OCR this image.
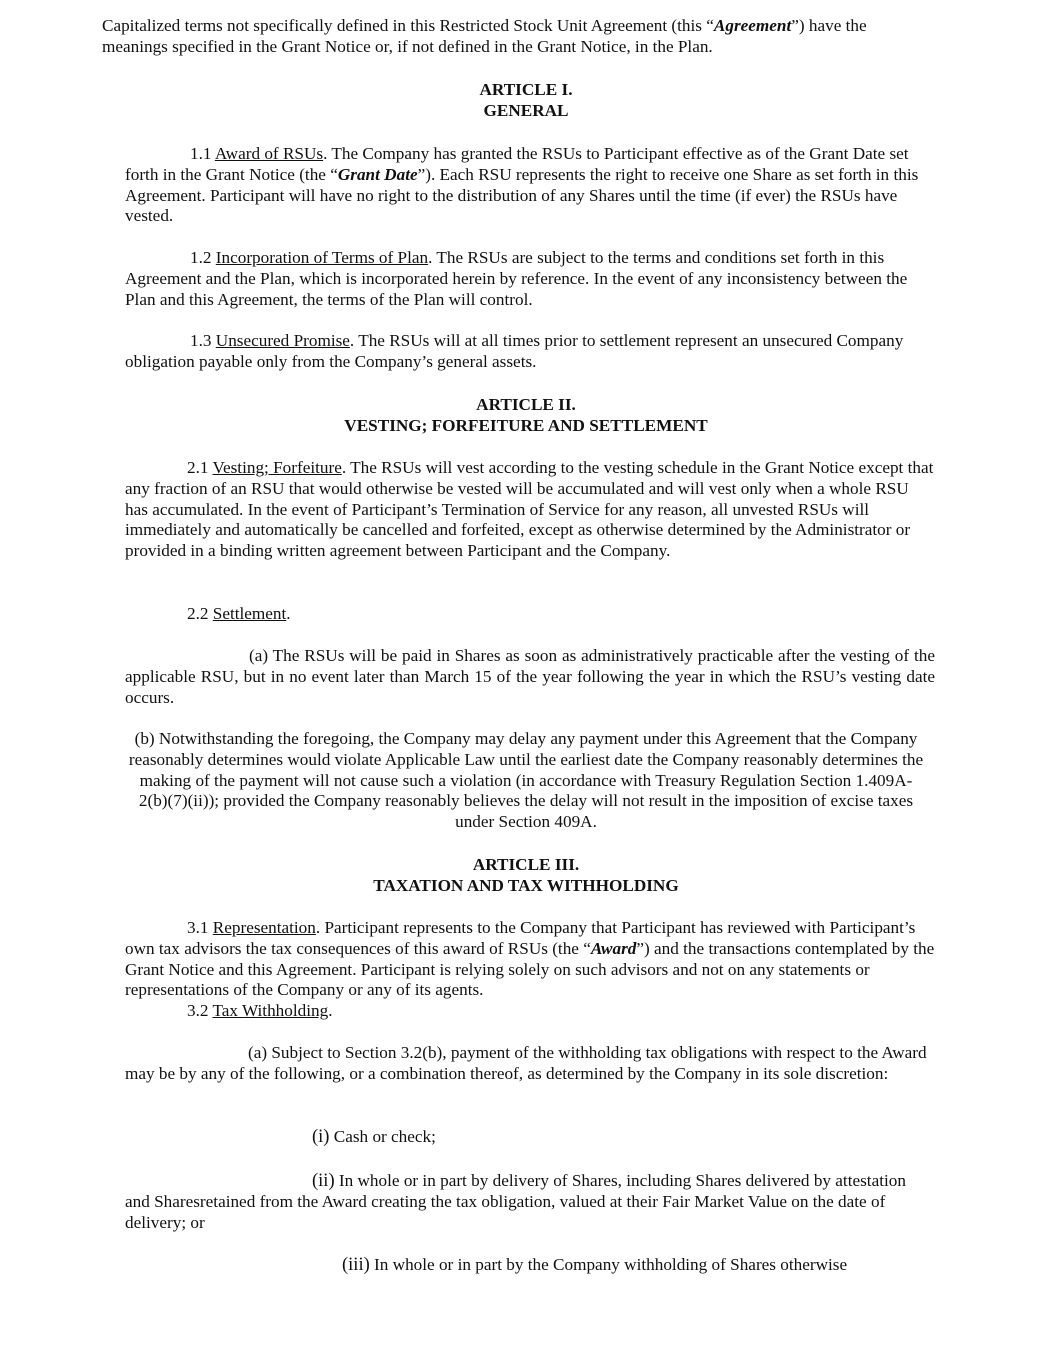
Capitalized terms not specifically defined in this Restricted Stock Unit Agreement (this “Agreement”) have the meanings specified in the Grant Notice or, if not defined in the Grant Notice, in the Plan.

ARTICLE I.
GENERAL

1.1 Award of RSUs. The Company has granted the RSUs to Participant effective as of the Grant Date set forth in the Grant Notice (the “Grant Date”). Each RSU represents the right to receive one Share as set forth in this Agreement. Participant will have no right to the distribution of any Shares until the time (if ever) the RSUs have vested.

1.2 Incorporation of Terms of Plan. The RSUs are subject to the terms and conditions set forth in this Agreement and the Plan, which is incorporated herein by reference. In the event of any inconsistency between the Plan and this Agreement, the terms of the Plan will control.

1.3 Unsecured Promise. The RSUs will at all times prior to settlement represent an unsecured Company obligation payable only from the Company’s general assets.

ARTICLE II.
VESTING; FORFEITURE AND SETTLEMENT

2.1 Vesting; Forfeiture. The RSUs will vest according to the vesting schedule in the Grant Notice except that any fraction of an RSU that would otherwise be vested will be accumulated and will vest only when a whole RSU has accumulated. In the event of Participant’s Termination of Service for any reason, all unvested RSUs will immediately and automatically be cancelled and forfeited, except as otherwise determined by the Administrator or provided in a binding written agreement between Participant and the Company.

2.2 Settlement.

(a) The RSUs will be paid in Shares as soon as administratively practicable after the vesting of the applicable RSU, but in no event later than March 15 of the year following the year in which the RSU’s vesting date occurs.

(b) Notwithstanding the foregoing, the Company may delay any payment under this Agreement that the Company reasonably determines would violate Applicable Law until the earliest date the Company reasonably determines the making of the payment will not cause such a violation (in accordance with Treasury Regulation Section 1.409A-2(b)(7)(ii)); provided the Company reasonably believes the delay will not result in the imposition of excise taxes under Section 409A.

ARTICLE III.
TAXATION AND TAX WITHHOLDING

3.1 Representation. Participant represents to the Company that Participant has reviewed with Participant’s own tax advisors the tax consequences of this award of RSUs (the “Award”) and the transactions contemplated by the Grant Notice and this Agreement. Participant is relying solely on such advisors and not on any statements or representations of the Company or any of its agents.

3.2 Tax Withholding.

(a) Subject to Section 3.2(b), payment of the withholding tax obligations with respect to the Award may be by any of the following, or a combination thereof, as determined by the Company in its sole discretion:

(i) Cash or check;

(ii) In whole or in part by delivery of Shares, including Shares delivered by attestation and Sharesretained from the Award creating the tax obligation, valued at their Fair Market Value on the date of delivery; or

(iii) In whole or in part by the Company withholding of Shares otherwise
